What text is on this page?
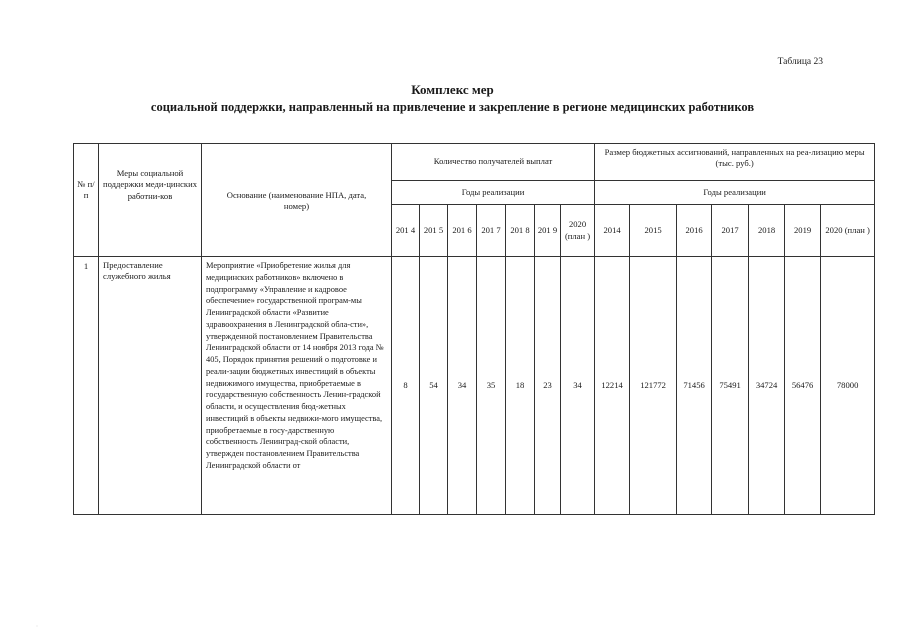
Таблица 23
Комплекс мер
социальной поддержки, направленный на привлечение и закрепление в регионе медицинских работников
№ п/ п	Меры социальной поддержки меди-цинских работни-ков	Основание (наименование НПА, дата, номер)	Количество получателей выплат							Размер бюджетных ассигнований, направленных на реа-лизацию меры (тыс. руб.)						
			Годы реализации							Годы реализации						
			201 4	201 5	201 6	201 7	201 8	201 9	2020 (план )	2014	2015	2016	2017	2018	2019	2020 (план )
1	Предоставление служебного жилья	Мероприятие «Приобретение жилья для медицинских работников» включено в подпрограмму «Управление и кадровое обеспечение» государственной програм-мы Ленинградской области «Развитие здравоохранения в Ленинградской обла-сти», утвержденной постановлением Правительства Ленинградской области от 14 ноября 2013 года № 405, Порядок принятия решений о подготовке и реали-зации бюджетных инвестиций в объекты недвижимого имущества, приобретаемые в государственную собственность Ленин-градской области, и осуществления бюд-жетных инвестиций в объекты недвижи-мого имущества, приобретаемые в госу-дарственную собственность Ленинград-ской области, утвержден постановлением Правительства Ленинградской области от	8	54	34	35	18	23	34	12214	121772	71456	75491	34724	56476	78000
ˈ
